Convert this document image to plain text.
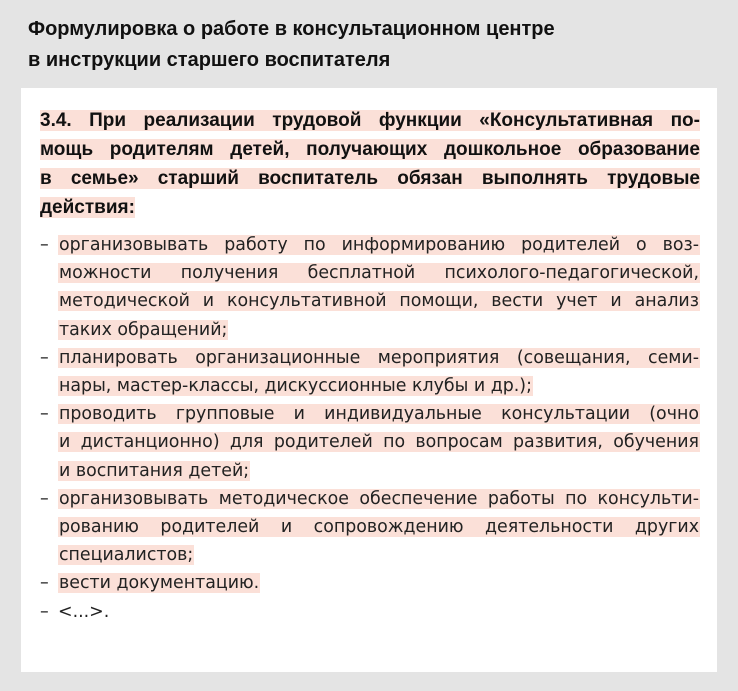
Формулировка о работе в консультационном центре
в инструкции старшего воспитателя
3.4. При реализации трудовой функции «Консультативная по-
мощь родителям детей, получающих дошкольное образование
в семье» старший воспитатель обязан выполнять трудовые
действия:
– организовывать работу по информированию родителей о воз-
можности получения бесплатной психолого-педагогической,
методической и консультативной помощи, вести учет и анализ
таких обращений;
– планировать организационные мероприятия (совещания, семи-
нары, мастер-классы, дискуссионные клубы и др.);
– проводить групповые и индивидуальные консультации (очно
и дистанционно) для родителей по вопросам развития, обучения
и воспитания детей;
– организовывать методическое обеспечение работы по консульти-
рованию родителей и сопровождению деятельности других
специалистов;
– вести документацию.
– <...>.
